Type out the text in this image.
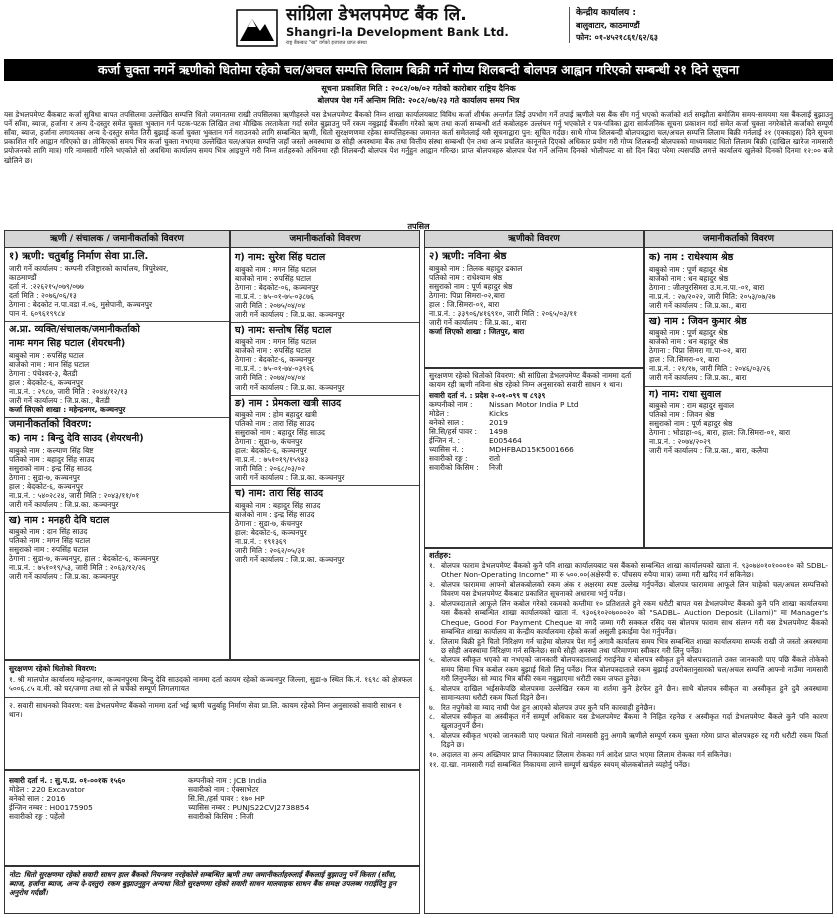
सांग्रिला डेभलपमेण्ट बैंक लि.
Shangri-la Development Bank Ltd.
राष्ट्र बैंकबाट "ख" वर्गको इजाजत प्राप्त संस्था
केन्द्रीय कार्यालय :
बालुवाटार, काठमाण्डौं
फोन: ०१-४५२१८६१/६२/६३
कर्जा चुक्ता नगर्ने ऋणीको धितोमा रहेको चल/अचल सम्पत्ति लिलाम बिक्री गर्ने गोप्य शिलबन्दी बोलपत्र आह्वान गरिएको सम्बन्धी २१ दिने सूचना
सूचना प्रकाशित मिति : २०८२/०७/०२ गतेको कारोबार राष्ट्रिय दैनिक
बोलपत्र पेश गर्ने अन्तिम मिति: २०८२/०७/२३ गते कार्यालय समय भित्र
यस डेभलपमेण्ट बैंकबाट कर्जा सुविधा बापत तपसिलमा उल्लेखित सम्पत्ति धितो जमानतमा राखी तपसिलका ऋणीहरुले यस डेभलपमेण्ट बैंकको निम्न शाखा कार्यालयबाट विविध कर्जा शीर्षक अन्तर्गत लिई उपभोग गर्ने तपाई ऋणीले यस बैंक सँग गर्नु भएको कर्जाको शर्त सम्झौता बमोजिम समय-समयमा यस बैंकलाई बुझाउनु पर्ने साँवा, ब्याज, हर्जाना र अन्य दे-दस्तुर समेत चुक्ता भुक्तान गर्न पटक-पटक लिखित तथा मौखिक तरताकेता गर्दा समेत बुझाउनु पर्ने रकम नबुझाई बैंकसँग गरेको ऋण तथा कर्जा सम्बन्धी शर्त कबोलहरु उल्लंघन गर्नु भएकोले र पत्र-पत्रिका द्वारा सार्वजनिक सूचना प्रकाशन गर्दा समेत कर्जा चुक्ता नगरेकोले कर्जाको सम्पूर्ण साँवा, ब्याज, हर्जाना लगायतका अन्य दे-दस्तुर समेत तिरी बुझाई कर्जा चुक्ता भुक्तान गर्न गराउनको लागि सम्बन्धित ऋणी, धितो सुरक्षणणमा रहेका सम्पत्तिहरुका जमानत कर्ता समेतलाई यसै सूचनाद्वारा पुन: सूचित गर्दछ। साथै गोप्य शिलबन्दी बोलपत्रद्वारा चल/अचल सम्पत्ति लिलाम बिक्री गर्नलाई २१ (एक्काइस) दिने सूचना प्रकाशित गरि आह्वान गरिएको छ। तोकिएको समय भित्र कर्जा चुक्ता नभएमा उल्लेखित चल/अचल सम्पत्ति जहाँ जस्तो अवस्थामा छ सोही अवस्थामा बैंक तथा वित्तीय संस्था सम्बन्धी ऐन तथा अन्य प्रचलित कानूनले दिएको अधिकार प्रयोग गरी गोप्य शिलबन्दी बोलपत्रको माध्यमबाट धितो लिलाम बिक्री (दाखिल खारेज नामसारी प्रयोजनको लागि मात्र) गरि नामसारी गरिने भएकोले सो अवधिमा कार्यालय समय भित्र आइपुग्ने गरी निम्न शर्तहरुको अधिनमा रही शिलबन्दी बोलपत्र पेश गर्नुहुन आह्वान गरिन्छ। प्राप्त बोलपत्रहरु बोलपत्र पेश गर्ने अन्तिम दिनको भोलीपल्ट वा सो दिन बिदा परेमा त्यसपछि लगत्ते कार्यालय खुलेको दिनको दिनमा १२:०० बजे खोलिने छ।
तपसिल
ऋणी / संचालक / जमानीकर्ताको विवरण
१) ऋणी: चतुर्बाहु निर्माण सेवा प्रा.लि.
जारी गर्ने कार्यालय : कम्पनी रजिष्ट्रारको कार्यालय, त्रिपुरेश्वर,
काठमाण्डौं
दर्ता नं. :२२६२१५/०७९/०७७
दर्ता मिति : २०७६/०६/१३
ठेगाना : बेदकोट न.पा.वडा नं.०६, मुसेपानी, कञ्चनपुर
पान नं. ६०९६१९९८४
अ.प्रा. व्यक्ति/संचालक/जमानीकर्ताको
नामः मगन सिह घटाल (शेयरधनी)
बाबुको नाम : रुपसिंह घटाल
बाजेको नाम : मान सिंह घटाल
ठेगाना : पंचेश्वर-३, बैतडी
हाल : बेदकोट-६, कञ्चनपुर
ना.प्र.नं. : २९८७, जारी मिति : २०४४/१२/१३
जारी गर्ने कार्यालय : जि.प्र.का., बैतडी
कर्जा लिएको शाखा : महेन्द्रनगर, कञ्चनपुर
जमानीकर्ताको विवरण:
क) नाम : बिन्दु देवि साउद (शेयरधनी)
बाबुको नाम : कल्याण सिंह बिष्ट
पतिको नाम : बहादुर सिंह साउद
ससुराको नाम : इन्द्र सिंह साउद
ठेगाना : सुडा-७, कञ्चनपुर
हाल : बेदकोट-६, कञ्चनपुर
ना.प्र.नं. : ५४०२८२४, जारी मिति : २०४३/११/०१
जारी गर्ने कार्यालय : जि.प्र.का. कञ्चनपुर
ख) नाम : मनहरी देवि घटाल
बाबुको नाम : दान सिंह साउद
पतिको नाम : मगन सिंह घटाल
ससुराको नाम : रुपसिंह घटाल
ठेगाना : सुडा-७, कञ्चनपुर, हाल : बेदकोट-६, कञ्चनपुर
ना.प्र.नं. : ७५१०१९/५३, जारी मिति : २०६३/१२/२६
जारी गर्ने कार्यालय : जि.प्र.का. कञ्चनपुर
जमानीकर्ताको विवरण
ग) नाम: सुरेश सिंह घटाल
बाबुको नाम : मगन सिंह घटाल
बाजेको नाम : रुपसिंह घटाल
ठेगाना : बेदकोट-०६, कञ्चनपुर
ना.प्र.नं. : ७५-०१-७५-०३८७६
जारी मिति : २०७५/०४/०४
जारी गर्ने कार्यालय : जि.प्र.का. कञ्चनपुर
घ) नाम: सन्तोष सिंह घटाल
बाबुको नाम : मगन सिंह घटाल
बाजेको नाम : रुपसिंह घटाल
ठेगाना : बेदकोट-६, कञ्चनपुर
ना.प्र.नं. : ७५-०१-७४-०३९२६
जारी मिति : २०७४/०४/०४
जारी गर्ने कार्यालय : जि.प्र.का. कञ्चनपुर
ङ) नाम : प्रेमकला खत्री साउद
बाबुको नाम : होम बहादुर खत्री
पतिको नाम : तारा सिंह साउद
ससुराको नाम : बहादुर सिंह साउद
ठेगाना : सुडा-७, कंचनपुर
हाल: बेदकोट-६, कञ्चनपुर
ना.प्र.नं. : ७५१०१९/१५९४३
जारी मिति : २०६८/०३/०२
जारी गर्ने कार्यालय : जि.प्र.का. कञ्चनपुर
च) नाम: तारा सिंह साउद
बाबुको नाम : बहादुर सिंह साउद
बाजेको नाम : इन्द्र सिंह साउद
ठेगाना : सुडा-७, कंचनपुर
हाल: बेदकोट-६, कञ्चनपुर
ना.प्र.नं. : १९१३६९
जारी मिति : २०६२/०५/३१
जारी गर्ने कार्यालय : जि.प्र.का. कञ्चनपुर
ऋणीको विवरण
२) ऋणी: नविना श्रेष्ठ
बाबुको नाम : तिलक बहादुर ढकाल
पतिको नाम : राधेश्याम श्रेष्ठ
ससुराको नाम : पूर्ण बहादुर श्रेष्ठ
ठेगाना: पिप्रा सिमरा-०२,बारा
हाल : जि.सिमरा-०१, बारा
ना.प्र.नं. : ३३९०६/४१६९१०, जारी मिति : २०६५/०३/११
जारी गर्ने कार्यालय : जि.प्र.का., बारा
कर्जा लिएको शाखा : जितपुर, बारा
सुरक्षणण रहेको धितोको विवरण: श्री सांग्रिला डेभलपमेण्ट बैंकको नाममा दर्ता कायम रही ऋणी नविना श्रेष्ठ रहेको निम्न अनुसारको सवारी साधन १ थान।
सवारी दर्ता नं. : प्रदेश २-०१-०९९ च ८९३९
कम्पनीको नाम :	Nissan Motor India P Ltd
मोडेल :	Kicks
बनेको साल :	2019
सि.सि/हर्स पावर :	1498
ईन्जिन नं. :	E005464
च्यासिस नं. :	MDHFBAD15K5001666
सवारीको रङ्ग :	रातो
सवारीको किसिम :	निजी
जमानीकर्ताको विवरण
क) नाम : राधेश्याम श्रेष्ठ
बाबुको नाम : पूर्ण बहादुर श्रेष्ठ
बाजेको नाम : धन बहादुर श्रेष्ठ
ठेगाना : जीतपुरसिमरा उ.म.न.पा.-०१, बारा
ना.प्र.नं. : २७/२०२२, जारी मिति: २०५३/०७/२७
जारी गर्ने कार्यालय : जि.प्र.का., बारा
ख) नाम : जिवन कुमार श्रेष्ठ
बाबुको नाम : पूर्ण बहादुर श्रेष्ठ
बाजेको नाम : धन बहादुर श्रेष्ठ
ठेगाना : पिप्रा सिमरा गा.पा-०२, बारा
हाल : जि.सिमरा-०१, बारा
ना.प्र.नं. : २१/१७, जारी मिति : २०४६/०३/२६
जारी गर्ने कार्यालय : जि.प्र.का., बारा
ग) नाम: राधा सुवाल
बाबुको नाम : राम बहादुर सुवाल
पतिको नाम : जिवन श्रेष्ठ
ससुराको नाम : पूर्ण बहादुर श्रेष्ठ
ठेगाना : भोडाहा-०६, बारा, हाल: जि.सिमरा-०१, बारा
ना.प्र.नं. : २०७४/२०२९
जारी गर्ने कार्यालय : जि.प्र.का., बारा, कलैया
सुरक्षणण रहेको धितोको विवरण:
१. श्री मालपोत कार्यालय महेन्द्रनगर, कञ्चनपुरमा बिन्दु देवि साउदको नाममा दर्ता कायम रहेको कञ्चनपुर जिल्ला, सुडा-७ स्थित कि.नं. १६९८ को क्षेत्रफल ५००६.८५ व.मी. को घर/जग्गा तथा सो ले चर्चेको सम्पूर्ण लिगलगायत
२. सवारी साधनको विवरण: यस डेभलपमेण्ट बैंकको नाममा दर्ता भई ऋणी चतुर्बाहु निर्माण सेवा प्रा.लि. कायम रहेको निम्न अनुसारको सवारी साधन १ थान।
सवारी दर्ता नं. : सु.प.प्र. ०१-००१क १५६०
मोडेल : 220 Excavator
बनेको साल : 2016
ईन्जिन नम्बर : H00175905
सवारीको रङ्ग : पहेंलो
कम्पनीको नाम : JCB India
सवारीको नाम : ऐक्साभेटर
सि.सि./हर्स पावर : १७० HP
च्यासिस नम्बर : PUNJS22CVJ2738854
सवारीको किसिम : निजी
नोट: धितो सुरक्षणमा रहेको सवारी साधन हाल बैंकको नियन्त्रण नरहेकोले सम्बन्धित ऋणी तथा जमानीकर्ताहरुलाई बैंकलाई बुझाउनु पर्ने किस्ता (साँवा, ब्याज, हर्जाना ब्याज, अन्य दे-दस्तुर) रकम बुझाउनुहुन अन्यथा धितो सुरक्षणमा रहेको सवारी साधन मालवाहक साधन बैंक समक्ष उपलब्ध गराईदिनु हुन अनुरोध गर्दछौं।
शर्तहरु:
१. बोलपत्र फाराम डेभलपमेण्ट बैंकको कुनै पनि शाखा कार्यालयबाट यस बैंकको सम्बन्धित शाखा कार्यालयको खाता नं. ९३०७४०१०१०००१० को SDBL- Other Non-Operating Income" मा रु ५००.००(अक्षेरुपी रु. पाँचसय रुपैया मात्र) जम्मा गरी खरिद गर्न सकिनेछ।
२. बोलपत्र फाराममा आफ्नो बोलकबोलको रकम अंक र अक्षरमा स्पष्ट उल्लेख गर्नुपर्नेछ। बोलपत्र फाराममा आफूले लिन चाहेको चल/अचल सम्पत्तिको विवरण यस डेभलपमेण्ट बैंकबाट प्रकाशित सूचनाको अधारमा भर्नु पर्नेछ।
३. बोलपत्रदाताले आफूले लिन कबोल गरेको रकमको कम्तीमा १० प्रतिशतले हुने रकम धरौटी बापत यस डेभलपमेण्ट बैंकको कुनै पनि शाखा कार्यालयमा यस बैंकको सम्बन्धित शाखा कार्यालयको खाता नं. ९३०६१०२०७०००२० को "SADBL– Auction Deposit (Lilami)" मा Manager's Cheque, Good For Payment Cheque वा नगदै जम्मा गरी सक्कल रसिद यस बोलपत्र फाराम साथ संलग्न गरी यस डेभलपमेण्ट बैंकको सम्बन्धित शाखा कार्यालय वा केन्द्रीय कार्यालयमा रहेको कर्जा असुली इकाईमा पेश गर्नुपर्नेछ।
४. लिलाम बिक्री हुने चितो निरिक्षण गर्न चाहेमा बोलपत्र पेश गर्नु अगावै कार्यालय समय भित्र सम्बन्धित शाखा कार्यालयमा सम्पर्क राखी जे जस्तो अवस्थामा छ सोही अवस्थामा निरिक्षण गर्न सकिनेछ। साथै सोही अवस्था तथा परिमाणमा स्वीकार गरी लिनु पर्नेछ।
५. बोलपत्र स्वीकृत भएको वा नभएको जानकारी बोलपत्रदातालाई गराईनेछ र बोलपत्र स्वीकृत हुने बोलपत्रदाताले उक्त जानकारी पाए पछि बैंकले तोकेको समय सिमा भित्र कबोल रकम बुझाई धितो लिनु पर्नेछ। निज बोलपत्रदाताले रकम बुझाई उपरोक्तानुसारको चल/अचल सम्पत्ति आफ्नो नाउँमा नामसारी गरी लिनुपर्नेछ। सो म्याद भित्र बाँकी रकम नबुझाएमा धरौटी रकम जफत हुनेछ।
६. बोलपत्र दाखिल भईसकेपछि बोलपत्रमा उल्लेखित रकम वा शर्तमा कुनै हेरफेर हुने छैन। साथै बोलपत्र स्वीकृत वा अस्वीकृत हुने दुवै अवस्थामा सामान्यतया धरौटी रकम फिर्ता दिइने छैन।
७. रित नपुगेको वा म्याद नाघी पेश हुन आएको बोलपत्र उपर कुनै पनि कारवाही हुनेछैन।
८. बोलपत्र स्वीकृत वा अस्वीकृत गर्ने सम्पूर्ण अधिकार यस डेभलपमेण्ट बैंकमा नै निहित रहनेछ र अस्वीकृत गर्दा डेभलपमेण्ट बैंकले कुनै पनि कारण खुलाउनुपर्ने छैन।
९. बोलपत्र स्वीकृत भएको जानकारी पाए पश्चात धितो नामसारी हुनु अगावै ऋणीले सम्पूर्ण रकम चुक्ता गरेमा प्राप्त बोलपत्रहरु रद्द गरी धरौटी रकम फिर्ता दिइने छ।
१०. अदालत वा अन्य अख्तियार प्राप्त निकायबाट लिलाम रोकका गर्न आदेश प्राप्त भएमा लिलाम रोकका गर्न सकिनेछ।
११. दा.खा. नामसारी गर्दा सम्बन्धित निकायमा लाग्ने सम्पूर्ण खर्चहरु स्वयम् बोलकबोलले व्यहोर्नु पर्नेछ।
